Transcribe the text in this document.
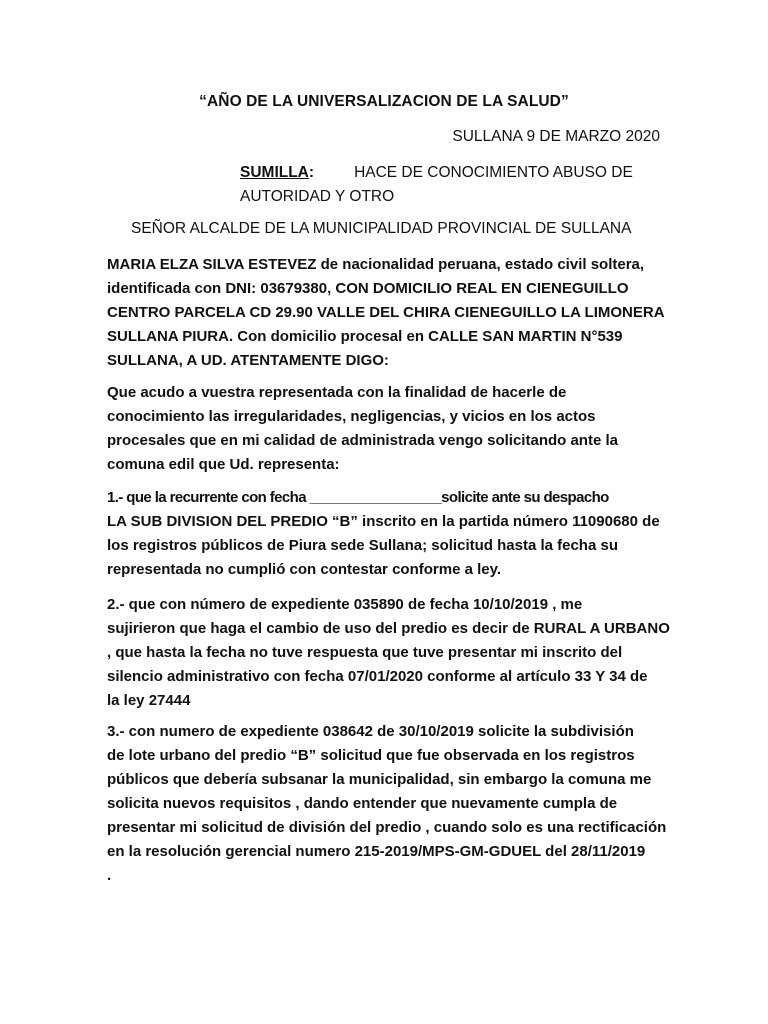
“AÑO DE LA UNIVERSALIZACION DE LA SALUD”
SULLANA 9 DE MARZO 2020
SUMILLA:	HACE DE CONOCIMIENTO ABUSO DE
AUTORIDAD Y OTRO
SEÑOR ALCALDE DE LA MUNICIPALIDAD PROVINCIAL DE SULLANA
MARIA ELZA SILVA ESTEVEZ de nacionalidad peruana, estado civil soltera,
identificada con DNI: 03679380, CON DOMICILIO REAL EN CIENEGUILLO
CENTRO PARCELA CD 29.90 VALLE DEL CHIRA CIENEGUILLO LA LIMONERA
SULLANA PIURA. Con domicilio procesal en CALLE SAN MARTIN N°539
SULLANA, A UD. ATENTAMENTE DIGO:
Que acudo a vuestra representada con la finalidad de hacerle de
conocimiento las irregularidades, negligencias, y vicios en los actos
procesales que en mi calidad de administrada vengo solicitando ante la
comuna edil que Ud. representa:
1.- que la recurrente con fecha _________________solicite ante su despacho
LA SUB DIVISION DEL PREDIO “B” inscrito en la partida número 11090680 de
los registros públicos de Piura sede Sullana; solicitud hasta la fecha su
representada no cumplió con contestar conforme a ley.
2.- que con número de expediente 035890 de fecha 10/10/2019 , me
sujirieron que haga el cambio de uso del predio es decir de RURAL A URBANO
, que hasta la fecha no tuve respuesta que tuve presentar mi inscrito del
silencio administrativo con fecha 07/01/2020 conforme al artículo 33 Y 34 de
la ley 27444
3.- con numero de expediente 038642 de 30/10/2019 solicite la subdivisión
de lote urbano del predio “B” solicitud que fue observada en los registros
públicos que debería subsanar la municipalidad, sin embargo la comuna me
solicita nuevos requisitos , dando entender que nuevamente cumpla de
presentar mi solicitud de división del predio , cuando solo es una rectificación
en la resolución gerencial numero 215-2019/MPS-GM-GDUEL del 28/11/2019
.
